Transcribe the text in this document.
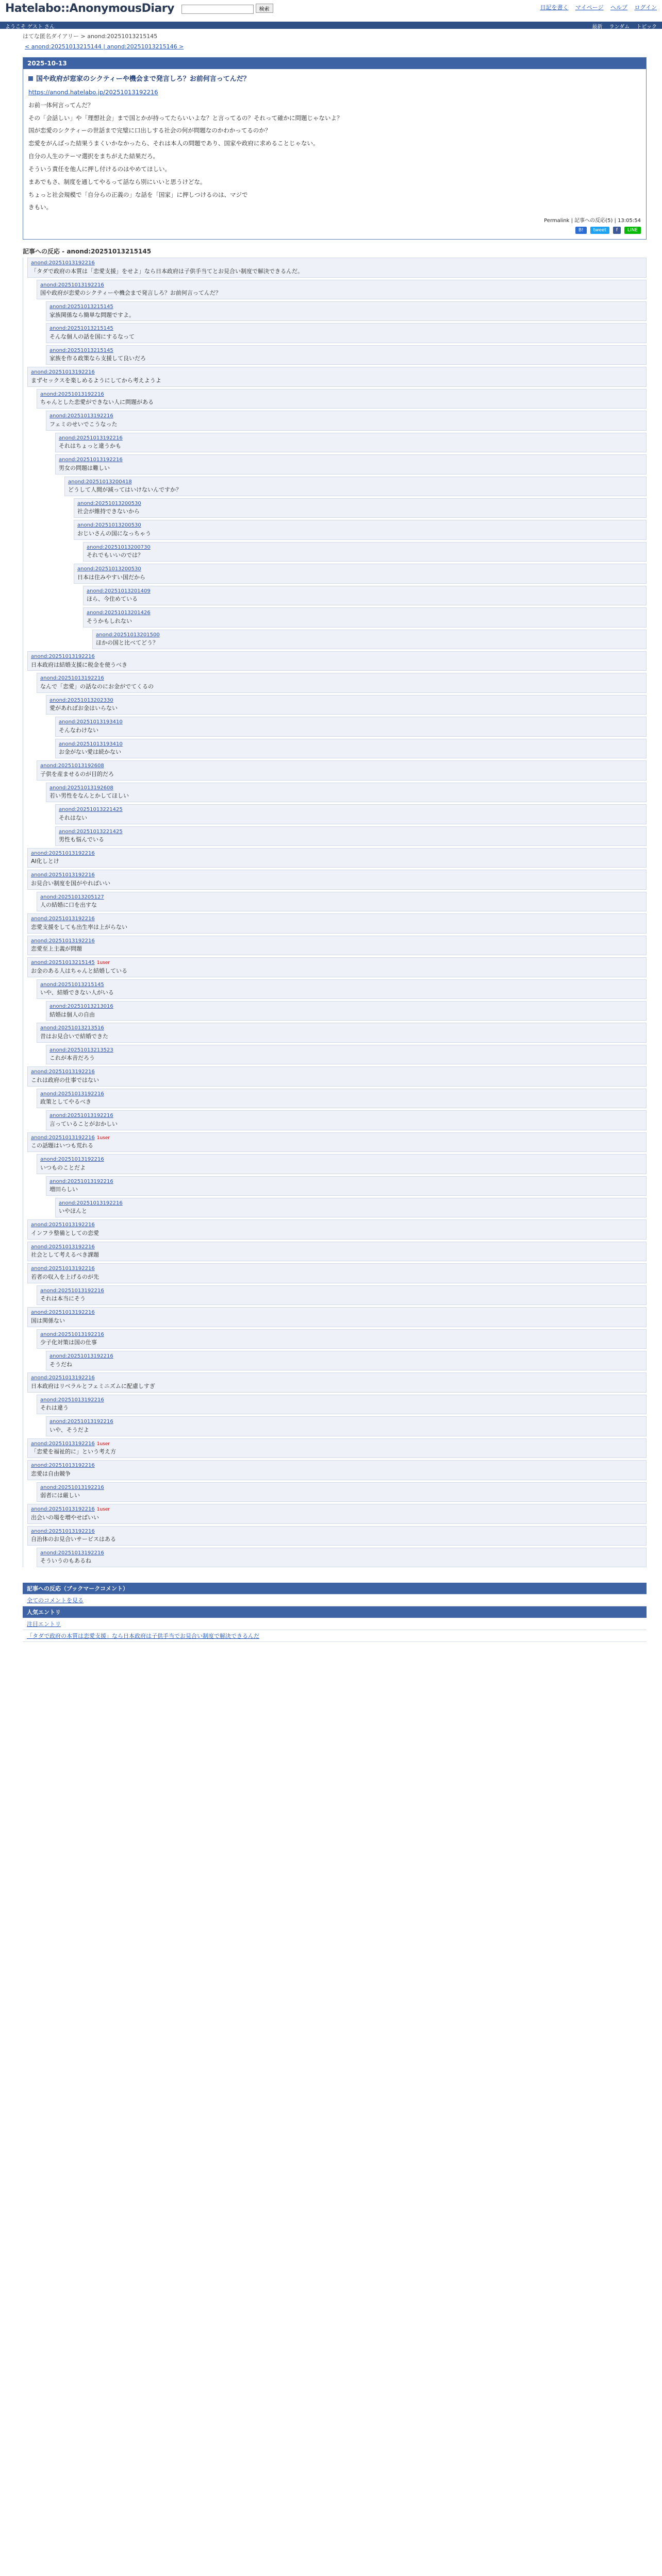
Hatelabo::AnonymousDiary	検索	日記を書く マイページ ヘルプ ログイン
ようこそ ゲスト さん	最新 ランダム トピック
はてな匿名ダイアリー > anond:20251013215145
< anond:20251013215144 | anond:20251013215146 >
2025-10-13
国や政府が窓家のシクティーや機会まで発言しろ？お前何言ってんだ？

https://anond.hatelabo.jp/20251013192216

お前一体何言ってんだ？

その「会話しい」や「理想社会」まで国とかが持ってたらいいよな？と言ってるの？それって確かに問題じゃないよ？

国が恋愛のシクティーの世話まで完璧に口出しする社会の何が問題なのかわかってるのか？

恋愛をがんばった結果うまくいかなかったら、それは本人の問題であり、国家や政府に求めることじゃない。

自分の人生のテーマ選択をまちがえた結果だろ。

そういう責任を他人に押し付けるのはやめてほしい。

まあでもさ、制度を通してやるって話なら別にいいと思うけどな。

ちょっと社会規模で「自分らの正義の」な話を「国家」に押しつけるのは、マジで

きもい。

Permalink | 記事への反応(5) | 13:05:54
B! tweet f LINE
記事への反応 - anond:20251013215145
anond:20251013192216
「タダで政府の本質は「恋愛支援」をせよ」なら日本政府は子供手当てとお見合い制度で解決できるんだ。
anond:20251013192216
国や政府が恋愛のシクティーや機会まで発言しろ？お前何言ってんだ？
anond:20251013215145
家族関係なら簡単な問題ですよ。
anond:20251013215145
そんな個人の話を国にするなって
anond:20251013215145
家族を作る政策なら支援して良いだろ
anond:20251013192216
まずセックスを楽しめるようにしてから考えようよ
anond:20251013192216
ちゃんとした恋愛ができない人に問題がある
anond:20251013192216
フェミのせいでこうなった
anond:20251013192216
それはちょっと違うかも
anond:20251013192216
男女の問題は難しい
anond:20251013200418
どうして人間が減ってはいけないんですか？
anond:20251013200530
社会が維持できないから
anond:20251013200530
おじいさんの国になっちゃう
anond:20251013200730
それでもいいのでは？
anond:20251013200530
日本は住みやすい国だから
anond:20251013201409
ほら、今住めている
anond:20251013201426
そうかもしれない
anond:20251013201500
ほかの国と比べてどう？
anond:20251013192216
日本政府は結婚支援に税金を使うべき
anond:20251013192216
なんで「恋愛」の話なのにお金がでてくるの
anond:20251013202330
愛があればお金はいらない
anond:20251013193410
そんなわけない
anond:20251013193410
お金がない愛は続かない
anond:20251013192608
子供を産ませるのが目的だろ
anond:20251013192608
若い男性をなんとかしてほしい
anond:20251013221425
それはない
anond:20251013221425
男性も悩んでいる
anond:20251013192216
AI化しとけ
anond:20251013192216
お見合い制度を国がやればいい
anond:20251013205127
人の結婚に口を出すな
anond:20251013192216
恋愛支援をしても出生率は上がらない
anond:20251013192216
恋愛至上主義が問題
anond:20251013215145 1user
お金のある人はちゃんと結婚している
anond:20251013215145
いや、結婚できない人がいる
anond:20251013213016
結婚は個人の自由
anond:20251013213516
昔はお見合いで結婚できた
anond:20251013213523
これが本音だろう
anond:20251013192216
これは政府の仕事ではない
anond:20251013192216
政策としてやるべき
anond:20251013192216
言っていることがおかしい
anond:20251013192216 1user
この話題はいつも荒れる
anond:20251013192216
いつものことだよ
anond:20251013192216
増田らしい
anond:20251013192216
いやほんと
anond:20251013192216
インフラ整備としての恋愛
anond:20251013192216
社会として考えるべき課題
anond:20251013192216
若者の収入を上げるのが先
anond:20251013192216
それは本当にそう
anond:20251013192216
国は関係ない
anond:20251013192216
少子化対策は国の仕事
anond:20251013192216
そうだね
anond:20251013192216
日本政府はリベラルとフェミニズムに配慮しすぎ
anond:20251013192216
それは違う
anond:20251013192216
いや、そうだよ
anond:20251013192216 1user
「恋愛を福祉的に」という考え方
anond:20251013192216
恋愛は自由競争
anond:20251013192216
弱者には厳しい
anond:20251013192216 1user
出会いの場を増やせばいい
anond:20251013192216
自治体のお見合いサービスはある
anond:20251013192216
そういうのもあるね
記事への反応（ブックマークコメント）
全てのコメントを見る
人気エントリ
注目エントリ
「タダで政府の本質は恋愛支援」なら日本政府は子供手当でお見合い制度で解決できるんだ
